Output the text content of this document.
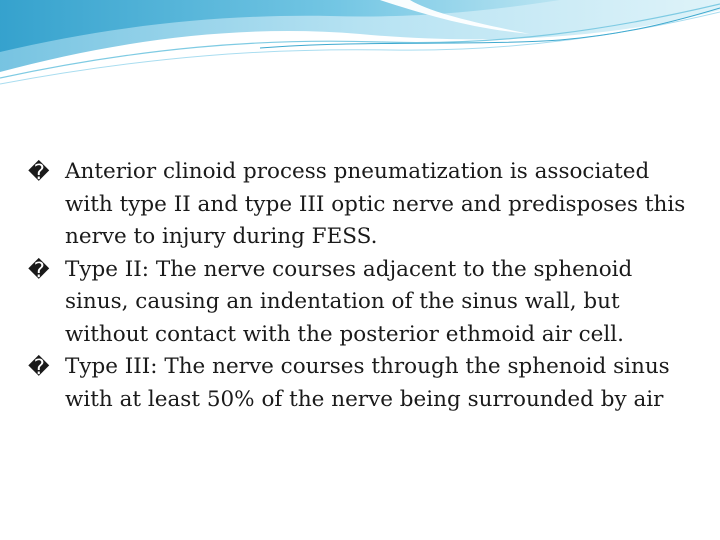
� Anterior clinoid process pneumatization is associated with type II and type III optic nerve and predisposes this nerve to injury during FESS.

� Type II: The nerve courses adjacent to the sphenoid sinus, causing an indentation of the sinus wall, but without contact with the posterior ethmoid air cell.

� Type III: The nerve courses through the sphenoid sinus with at least 50% of the nerve being surrounded by air
